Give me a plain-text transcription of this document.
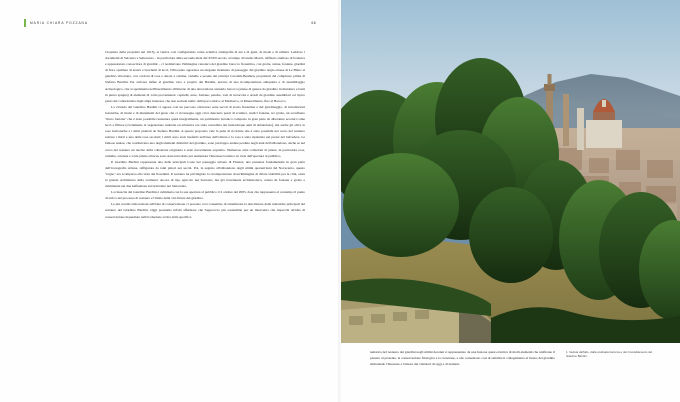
MARIA CHIARA POZZANA	66

l'acquisto della proprietà nel 1913), si veniva così configurando come eclettica stratigrafia di usi e di gusti, di mode e di utilizzi. Laddove i documenti di Seicento e Settecento – in particolare della seconda metà del XVIII secolo, al tempo di Giulio Mozzi, raffinato studioso di botanica e appassionato conoscitore di giardini – ci restituivano l'immagine canonica del giardino barocco fiorentino, con grotte, statue, fontane, giardini di fiori, spalliere di aranci e boschetti di lecci, l'Ottocento apparisce un elegante momento di passaggio dal giardino anglo-cinese di Le Blanc al giardino vittoriano, con cordoni di rose e aiuole a centine, camelie e peonie dei principi Carolath-Beuthen, proprietari del complesso prima di Stefano Bardini. Per arrivare infine al giardino vero e proprio dei Bardini, terreno di una ricomposizione antiquaria e di assemblaggio archeologico, che si sperimenta nell'inserimento all'interno di una decorazione statuaria barocca (statue di genere da giardino in muratura e busti in pietra spugna) di elementi di varia provenienza: capitelli, urne, fontane, panche, vasi di terracotta e arredi da giardino assemblati col tipico gusto del collezionista dagli ampi interessi, che non esclude nulla: dall'epoca antica, al Medioevo, al Rinascimento, fino al Barocco.

La vicenda del Giardino Bardini ci appare così un percorso attraverso sette secoli di storia fiorentina e del giardinaggio, di introduzioni botaniche, di mode e di mutamenti del gusto che ci riconsegna oggi circa duecento pezzi di scultura, tredici fontane, tre grotte, un sconfinato "muro fontana" che è stato possibile restaurare quasi integralmente, un patrimonio botanico composto in gran parte da alberature secolari come lecci e filliree (ovviamente la vegetazione ruderale ed arbustiva era stata cancellata dai trentacinque anni di abbandono), ma anche gli olivi, le rose borboniche e i mirti piantati da Stefano Bardini. A questo proposito vale la pena di ricordare che è stato possibile nel corso del restauro salvare i mirti e una delle rose secolari; i mirti sono stati trasferiti nell'area dell'oliveta e la rosa è stata ripiantata nei pressi del belvedere. Le famose azalee, che costituivano uno degli elementi distintivi del giardino, sono purtroppo andate perdute negli anni dell'abbandono, anche se nel corso del restauro un nucleo della collezione originaria è stato nuovamente acquisito. Numerose altre collezioni di piante, in particolare rose, camelie, ortensie e varie piante erbacee sono state introdotte per aumentare l'interesse botanico in vista dell'apertura al pubblico.

Il Giardino Bardini rappresenta una delle principali icone nel paesaggio urbano di Firenze, una presenza fondamentale in gran parte dell'iconografia urbana, raffigurata da tanti pittori nei secoli. Poi, in seguito all'abbandono degli ultimi quarant'anni del Novecento, questo "regno" era scomparso alla vista dei fiorentini. Il restauro ha privilegiato la ricomposizione di un'immagine di chiara visibilità per la città, ossia la grande architettura della scalinata: ancora di tipo agricolo nel Seicento, ma già fortemente architettonica, ornata da fontane e grotte e culminante nei due kaffeehaus sul belvedere nel Settecento.

La rinascita del Giardino Bardini è culminata con la sua apertura al pubblico il 2 ottobre del 2005, data che rappresenta al contempo il punto di arrivo del processo di restauro e l'inizio della vita futura del giardino.

Le più recenti elaborazioni sull'idea di conservazione ci possono così consentire di attualizzare la descrizione delle tematiche principali del restauro del Giardino Bardini. Oggi possiamo infatti affermare che l'approccio più sostenibile per un intervento che rispecchi un'idea di conservazione inquadrata nell'evoluzione svolta della specifica

tematica del restauro dei giardini negli ultimi decenni è rappresentato da una fusione quasi eclettica di molti elementi che unificano il passato al presente, la conservazione filologica e la creazione, e che consentono così di stabilire il collegamento al futuro del giardino stimolando l'interesse e l'amore dei visitatori di oggi e di domani.

1. Veduta dall'alto, dalla scalinata barocca e del rimodellamento del Giardino Bardini.
